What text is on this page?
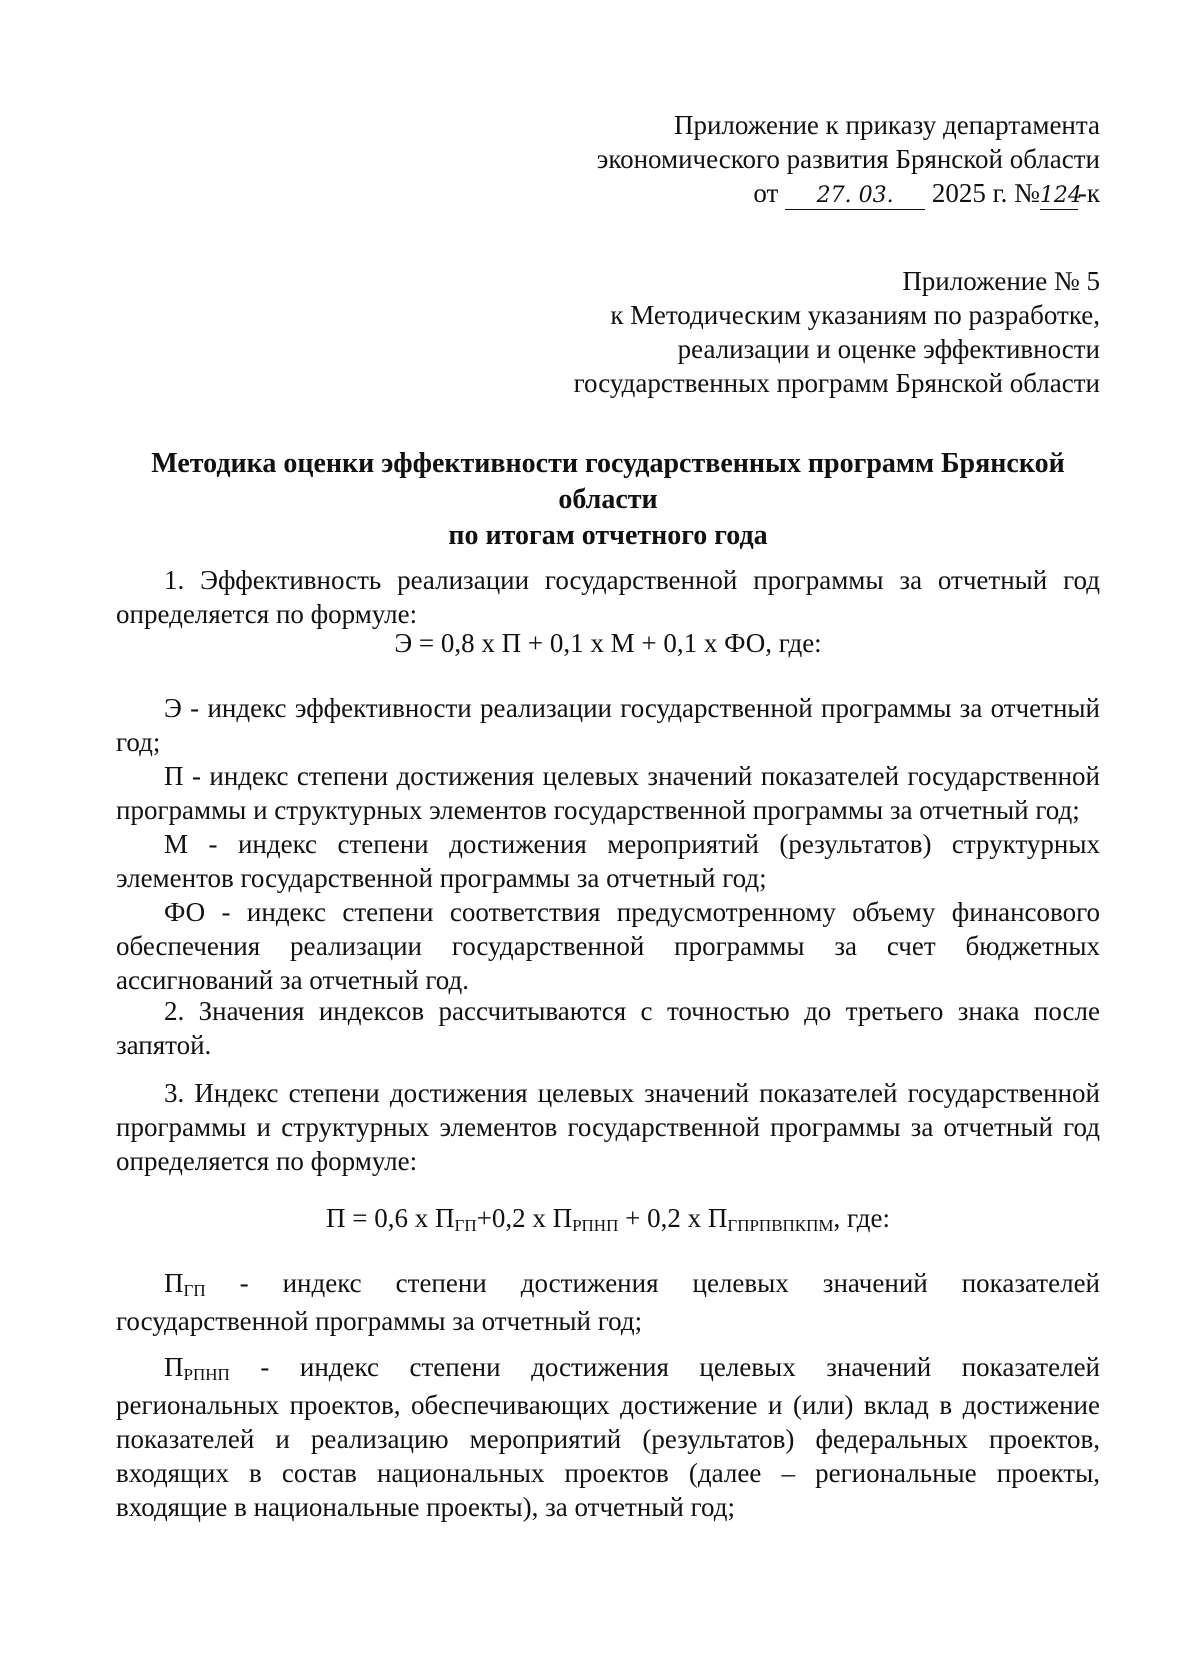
Приложение к приказу департамента
экономического развития Брянской области
от 27. 03. 2025 г. №124-к
Приложение № 5
к Методическим указаниям по разработке,
реализации и оценке эффективности
государственных программ Брянской области
Методика оценки эффективности государственных программ Брянской области
по итогам отчетного года
1. Эффективность реализации государственной программы за отчетный год определяется по формуле:
Э = 0,8 х П + 0,1 х М + 0,1 х ФО, где:

Э - индекс эффективности реализации государственной программы за отчетный год;

П - индекс степени достижения целевых значений показателей государственной программы и структурных элементов государственной программы за отчетный год;

М - индекс степени достижения мероприятий (результатов) структурных элементов государственной программы за отчетный год;

ФО - индекс степени соответствия предусмотренному объему финансового обеспечения реализации государственной программы за счет бюджетных ассигнований за отчетный год.

2. Значения индексов рассчитываются с точностью до третьего знака после запятой.
3. Индекс степени достижения целевых значений показателей государственной программы и структурных элементов государственной программы за отчетный год определяется по формуле:
П = 0,6 х ПГП+0,2 х ПРПНП + 0,2 х ПГПРПВПКПМ, где:

ПГП - индекс степени достижения целевых значений показателей государственной программы за отчетный год;

ПРПНП - индекс степени достижения целевых значений показателей региональных проектов, обеспечивающих достижение и (или) вклад в достижение показателей и реализацию мероприятий (результатов) федеральных проектов, входящих в состав национальных проектов (далее – региональные проекты, входящие в национальные проекты), за отчетный год;
